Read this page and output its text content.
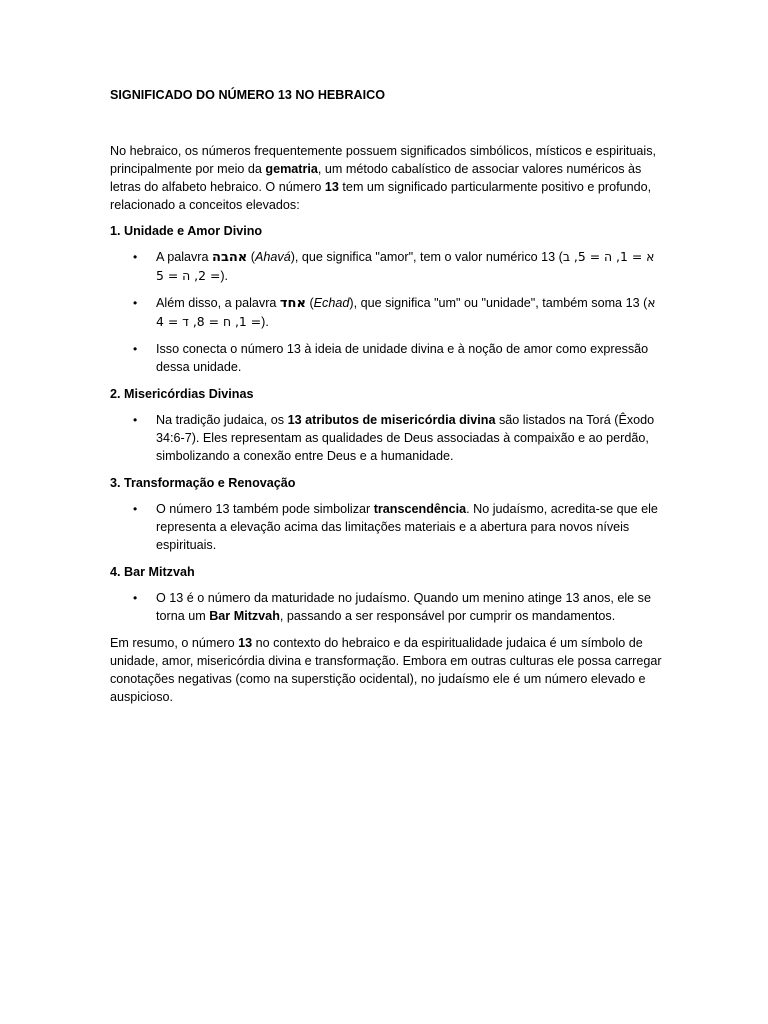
SIGNIFICADO DO NÚMERO 13 NO HEBRAICO

No hebraico, os números frequentemente possuem significados simbólicos, místicos e espirituais, principalmente por meio da gematria, um método cabalístico de associar valores numéricos às letras do alfabeto hebraico. O número 13 tem um significado particularmente positivo e profundo, relacionado a conceitos elevados:

1. Unidade e Amor Divino
• A palavra אהבה (Ahavá), que significa "amor", tem o valor numérico 13 (א = 1, ה = 5, ב = 2, ה = 5).
• Além disso, a palavra אחד (Echad), que significa "um" ou "unidade", também soma 13 (א = 1, ח = 8, ד = 4).
• Isso conecta o número 13 à ideia de unidade divina e à noção de amor como expressão dessa unidade.
2. Misericórdias Divinas
• Na tradição judaica, os 13 atributos de misericórdia divina são listados na Torá (Êxodo 34:6-7). Eles representam as qualidades de Deus associadas à compaixão e ao perdão, simbolizando a conexão entre Deus e a humanidade.
3. Transformação e Renovação
• O número 13 também pode simbolizar transcendência. No judaísmo, acredita-se que ele representa a elevação acima das limitações materiais e a abertura para novos níveis espirituais.
4. Bar Mitzvah
• O 13 é o número da maturidade no judaísmo. Quando um menino atinge 13 anos, ele se torna um Bar Mitzvah, passando a ser responsável por cumprir os mandamentos.

Em resumo, o número 13 no contexto do hebraico e da espiritualidade judaica é um símbolo de unidade, amor, misericórdia divina e transformação. Embora em outras culturas ele possa carregar conotações negativas (como na superstição ocidental), no judaísmo ele é um número elevado e auspicioso.
